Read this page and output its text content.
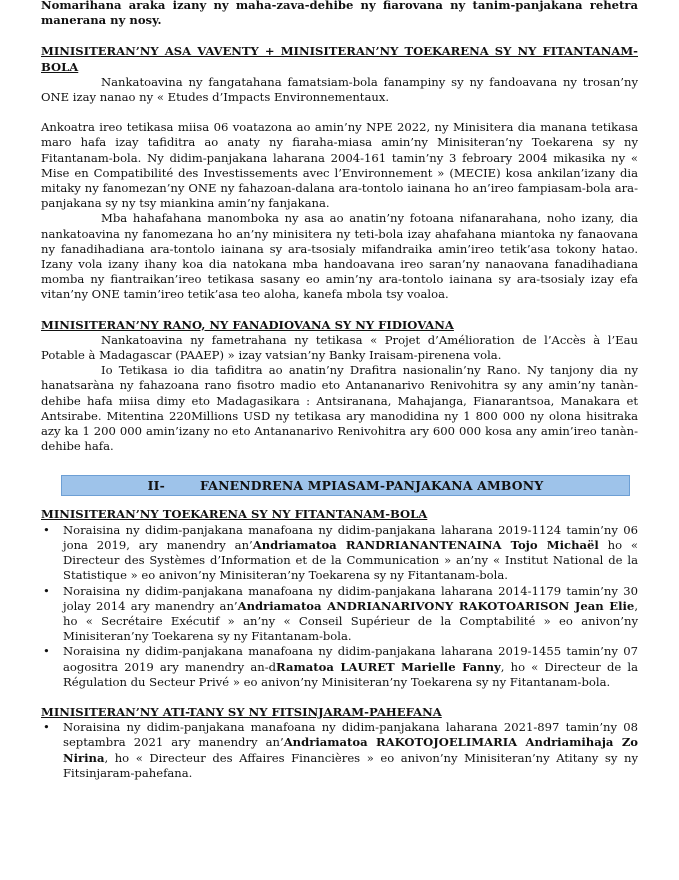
Nomarihana araka izany ny maha-zava-dehibe ny fiarovana ny tanim-panjakana rehetra manerana ny nosy.

MINISITERAN’NY ASA VAVENTY + MINISITERAN’NY TOEKARENA SY NY FITANTANAM-BOLA

Nankatoavina ny fangatahana famatsiam-bola fanampiny sy ny fandoavana ny trosan’ny ONE izay nanao ny « Etudes d’Impacts Environnementaux.

Ankoatra ireo tetikasa miisa 06 voatazona ao amin’ny NPE 2022, ny Minisitera dia manana tetikasa maro hafa izay tafiditra ao anaty ny fiaraha-miasa amin’ny Minisiteran’ny Toekarena sy ny Fitantanam-bola. Ny didim-panjakana laharana 2004-161 tamin’ny 3 febroary 2004 mikasika ny « Mise en Compatibilité des Investissements avec l’Environnement » (MECIE) kosa ankilan’izany dia mitaky ny fanomezan’ny ONE ny fahazoan-dalana ara-tontolo iainana ho an’ireo fampiasam-bola ara-panjakana sy ny tsy miankina amin’ny fanjakana.

Mba hahafahana manomboka ny asa ao anatin’ny fotoana nifanarahana, noho izany, dia nankatoavina ny fanomezana ho an’ny minisitera ny teti-bola izay ahafahana miantoka ny fanaovana ny fanadihadiana ara-tontolo iainana sy ara-tsosialy mifandraika amin’ireo tetik’asa tokony hatao. Izany vola izany ihany koa dia natokana mba handoavana ireo saran’ny nanaovana fanadihadiana momba ny fiantraikan’ireo tetikasa sasany eo amin’ny ara-tontolo iainana sy ara-tsosialy izay efa vitan’ny ONE tamin’ireo tetik’asa teo aloha, kanefa mbola tsy voaloa.

MINISITERAN’NY RANO, NY FANADIOVANA SY NY FIDIOVANA

Nankatoavina ny fametrahana ny tetikasa « Projet d’Amélioration de l’Accès à l’Eau Potable à Madagascar (PAAEP) » izay vatsian’ny Banky Iraisam-pirenena vola.

Io Tetikasa io dia tafiditra ao anatin’ny Drafitra nasionalin’ny Rano. Ny tanjony dia ny hanatsaràna ny fahazoana rano fisotro madio eto Antananarivo Renivohitra sy any amin’ny tanàn-dehibe hafa miisa dimy eto Madagasikara : Antsiranana, Mahajanga, Fianarantsoa, Manakara et Antsirabe. Mitentina 220Millions USD ny tetikasa ary manodidina ny 1 800 000 ny olona hisitraka azy ka 1 200 000 amin’izany no eto Antananarivo Renivohitra ary 600 000 kosa any amin’ireo tanàn-dehibe hafa.

II-	FANENDRENA MPIASAM-PANJAKANA AMBONY

MINISITERAN’NY TOEKARENA SY NY FITANTANAM-BOLA

• Noraisina ny didim-panjakana manafoana ny didim-panjakana laharana 2019-1124 tamin’ny 06 jona 2019, ary manendry an’Andriamatoa RANDRIANANTENAINA Tojo Michaël ho « Directeur des Systèmes d’Information et de la Communication » an’ny « Institut National de la Statistique » eo anivon’ny Minisiteran’ny Toekarena sy ny Fitantanam-bola.
• Noraisina ny didim-panjakana manafoana ny didim-panjakana laharana 2014-1179 tamin’ny 30 jolay 2014 ary manendry an’Andriamatoa ANDRIANARIVONY RAKOTOARISON Jean Elie, ho « Secrétaire Exécutif » an’ny « Conseil Supérieur de la Comptabilité » eo anivon’ny Minisiteran’ny Toekarena sy ny Fitantanam-bola.
• Noraisina ny didim-panjakana manafoana ny didim-panjakana laharana 2019-1455 tamin’ny 07 aogositra 2019 ary manendry an-dRamatoa LAURET Marielle Fanny, ho « Directeur de la Régulation du Secteur Privé » eo anivon’ny Minisiteran’ny Toekarena sy ny Fitantanam-bola.

MINISITERAN’NY ATI-TANY SY NY FITSINJARAM-PAHEFANA

• Noraisina ny didim-panjakana manafoana ny didim-panjakana laharana 2021-897 tamin’ny 08 septambra 2021 ary manendry an’Andriamatoa RAKOTOJOELIMARIA Andriamihaja Zo Nirina, ho « Directeur des Affaires Financières » eo anivon’ny Minisiteran’ny Atitany sy ny Fitsinjaram-pahefana.
